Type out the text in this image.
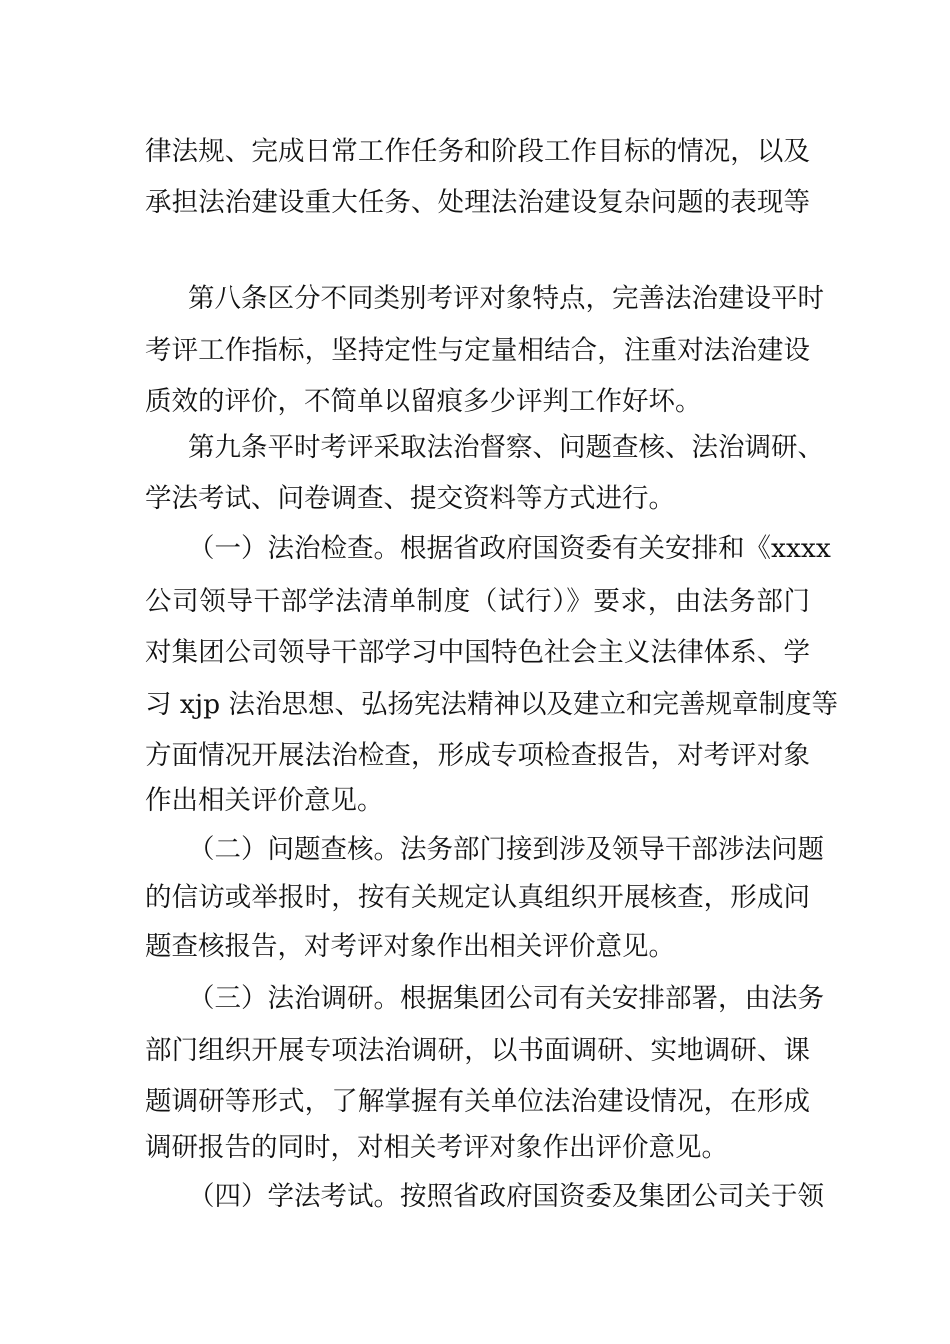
律法规、完成日常工作任务和阶段工作目标的情况，以及
承担法治建设重大任务、处理法治建设复杂问题的表现等
第八条区分不同类别考评对象特点，完善法治建设平时
考评工作指标，坚持定性与定量相结合，注重对法治建设
质效的评价，不简单以留痕多少评判工作好坏。
第九条平时考评采取法治督察、问题查核、法治调研、
学法考试、问卷调查、提交资料等方式进行。
（一）法治检查。根据省政府国资委有关安排和《xxxx
公司领导干部学法清单制度（试行）》要求，由法务部门
对集团公司领导干部学习中国特色社会主义法律体系、学
习 xjp 法治思想、弘扬宪法精神以及建立和完善规章制度等
方面情况开展法治检查，形成专项检查报告，对考评对象
作出相关评价意见。
（二）问题查核。法务部门接到涉及领导干部涉法问题
的信访或举报时，按有关规定认真组织开展核查，形成问
题查核报告，对考评对象作出相关评价意见。
（三）法治调研。根据集团公司有关安排部署，由法务
部门组织开展专项法治调研，以书面调研、实地调研、课
题调研等形式，了解掌握有关单位法治建设情况，在形成
调研报告的同时，对相关考评对象作出评价意见。
（四）学法考试。按照省政府国资委及集团公司关于领
